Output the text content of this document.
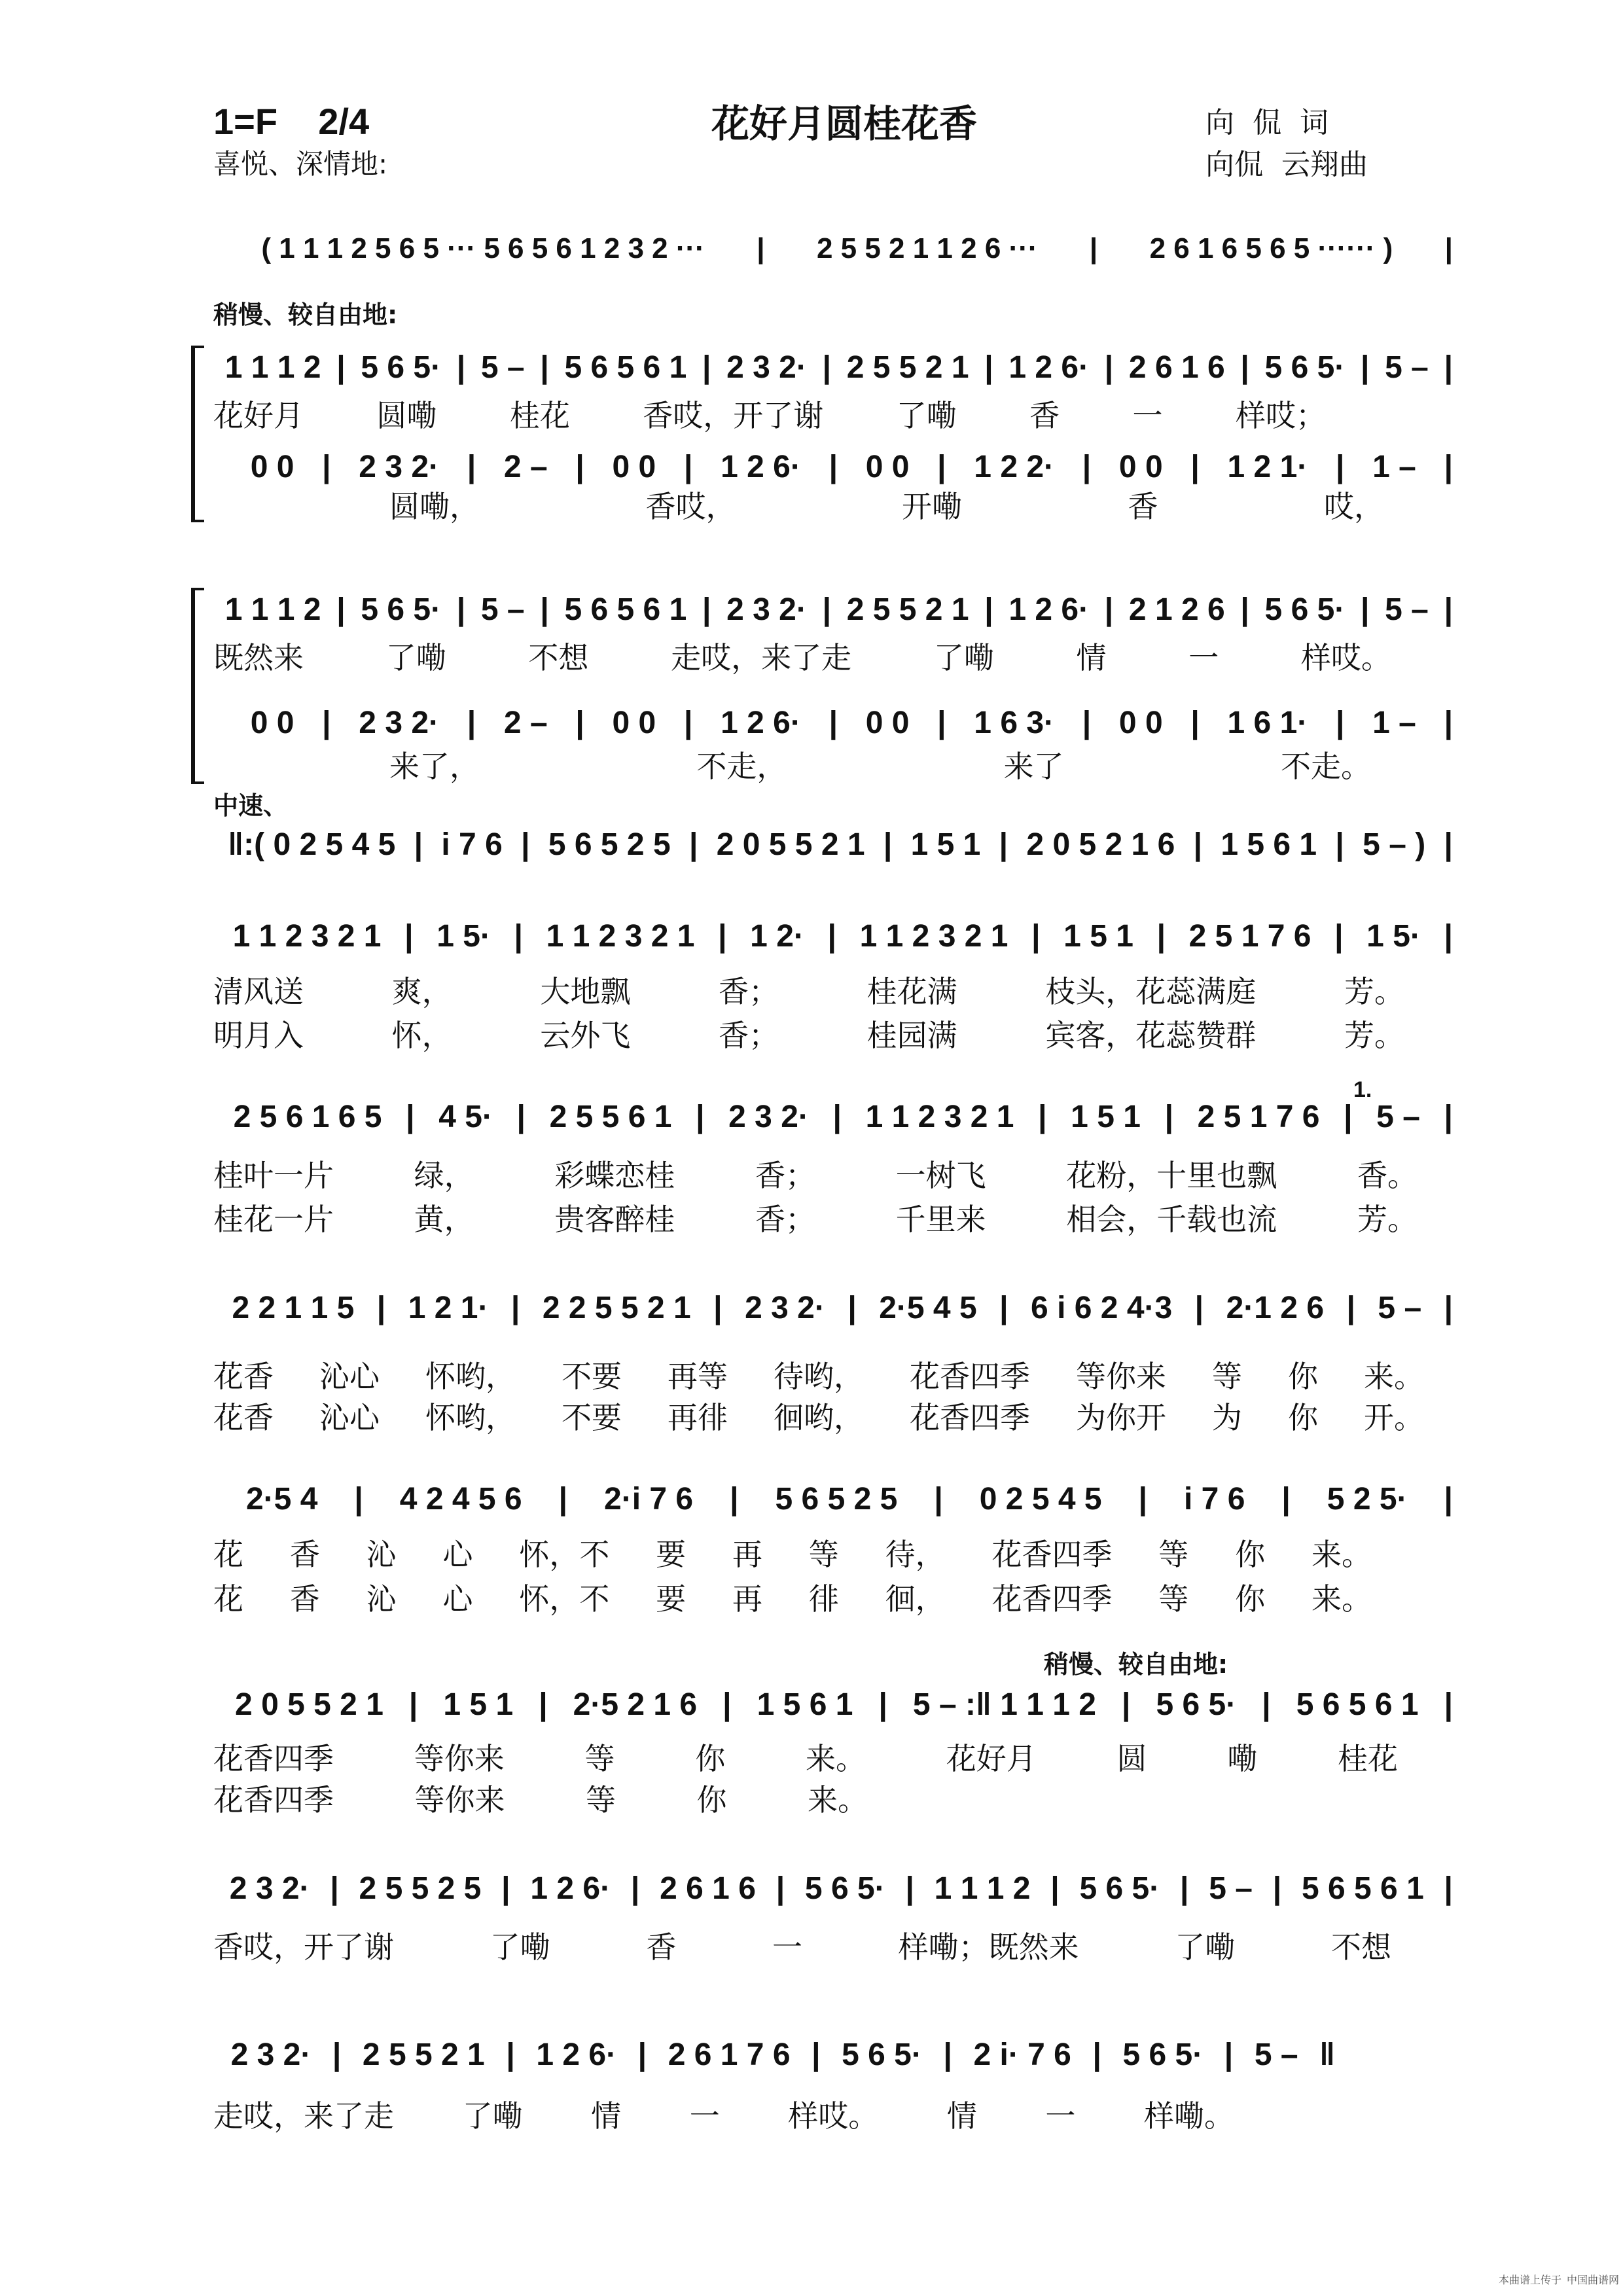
1=F 2/4	花好月圆桂花香	向  侃  词
喜悦、深情地:	向侃  云翔曲
( 1 1 1 2 5 6 5 ··· 5 6 5 6 1 2 3 2 ···	|	2 5 5 2 1 1 2 6 ···	|	2 6 1 6 5 6 5 ······ )	|
稍慢、较自由地:
1 1 1 2 | 5 6 5· | 5 – | 5 6 5 6 1 | 2 3 2· | 2 5 5 2 1 | 1 2 6· | 2 6 1 6 | 5 6 5· | 5 – |
花好月 圆嘞 桂花 香哎，开了谢 了嘞 香 一 样哎；
0 0 | 2 3 2· | 2 – | 0 0 | 1 2 6· | 0 0 | 1 2 2· | 0 0 | 1 2 1· | 1 – |
圆嘞，	香哎，	开嘞	香	哎，
1 1 1 2 | 5 6 5· | 5 – | 5 6 5 6 1 | 2 3 2· | 2 5 5 2 1 | 1 2 6· | 2 1 2 6 | 5 6 5· | 5 – |
既然来	了嘞	不想	走哎，来了走	了嘞	情	一	样哎。
0 0 | 2 3 2· | 2 – | 0 0 | 1 2 6· | 0 0 | 1 6 3· | 0 0 | 1 6 1· | 1 – |
来了，	不走，	来了	不走。
中速、
‖:( 0 2 5 4 5 | i 7 6 | 5 6 5 2 5 | 2 0 5 5 2 1 | 1 5 1 | 2 0 5 2 1 6 | 1 5 6 1 | 5 – ) |
1 1 2 3 2 1 | 1 5· | 1 1 2 3 2 1 | 1 2· | 1 1 2 3 2 1 | 1 5 1 | 2 5 1 7 6 | 1 5· |
清风送	爽，	大地飘	香；	桂花满	枝头，花蕊满庭	芳。
明月入	怀，	云外飞	香；	桂园满	宾客，花蕊赞群	芳。
1.
2 5 6 1 6 5 | 4 5· | 2 5 5 6 1 | 2 3 2· | 1 1 2 3 2 1 | 1 5 1 | 2 5 1 7 6 | 5 – |
桂叶一片	绿，	彩蝶恋桂	香；	一树飞	花粉，十里也飘	香。
桂花一片	黄，	贵客醉桂	香；	千里来	相会，千载也流	芳。
2 2 1 1 5 | 1 2 1· | 2 2 5 5 2 1 | 2 3 2· | 2·5 4 5 | 6 i 6 2 4·3 | 2·1 2 6 | 5 – |
花香 沁心 怀哟， 不要 再等 待哟， 花香四季 等你来 等 你 来。
花香 沁心 怀哟， 不要 再徘 徊哟， 花香四季 为你开 为 你 开。
2·5 4	|	4 2 4 5 6	|	2·i 7 6	|	5 6 5 2 5	|	0 2 5 4 5	|	i 7 6	|	5 2 5·	|
花 香 沁 心 怀，不 要 再 等 待， 花香四季 等 你 来。
花 香 沁 心 怀，不 要 再 徘 徊， 花香四季 等 你 来。
稍慢、较自由地:
2 0 5 5 2 1 | 1 5 1 | 2·5 2 1 6 | 1 5 6 1 | 5 – :‖ 1 1 1 2 | 5 6 5· | 5 6 5 6 1 |
花香四季	等你来	等	你	来。	花好月	圆	嘞	桂花
花香四季	等你来	等	你	来。
2 3 2· | 2 5 5 2 5 | 1 2 6· | 2 6 1 6 | 5 6 5· | 1 1 1 2 | 5 6 5· | 5 – | 5 6 5 6 1 |
香哎，开了谢	了嘞	香	一	样嘞；既然来	了嘞	不想
2 3 2· | 2 5 5 2 1 | 1 2 6· | 2 6 1 7 6 | 5 6 5· | 2 i· 7 6 | 5 6 5· | 5 – ‖
走哎，来了走 了嘞 情 一 样哎。 情 一 样嘞。
本曲谱上传于 中国曲谱网
